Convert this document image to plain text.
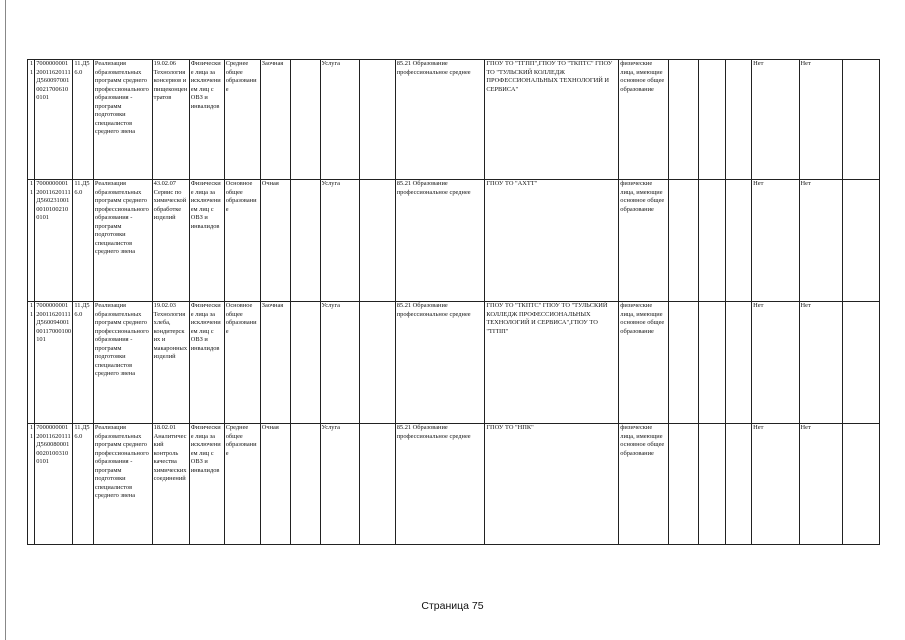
11	700000000120011620111Д56009700100217006100101	11.Д56.0	Реализация образовательных программ среднего профессионального образования - программ подготовки специалистов среднего звена	19.02.06 Технология консервов и пищеконцентратов	Физические лица за исключением лиц с ОВЗ и инвалидов	Среднее общее образование	Заочная		Услуга		85.21 Образование профессиональное среднее	ГПОУ ТО "ТГПП",ГПОУ ТО "ТКПТС" ГПОУ ТО "ТУЛЬСКИЙ КОЛЛЕДЖ ПРОФЕССИОНАЛЬНЫХ ТЕХНОЛОГИЙ И СЕРВИСА"	физические лица, имеющие основное общее образование				Нет	Нет	
11	700000000120011620111Д56023100100101002100101	11.Д56.0	Реализация образовательных программ среднего профессионального образования - программ подготовки специалистов среднего звена	43.02.07 Сервис по химической обработке изделий	Физические лица за исключением лиц с ОВЗ и инвалидов	Основное общее образование	Очная		Услуга		85.21 Образование профессиональное среднее	ГПОУ ТО "АХТТ"	физические лица, имеющие основное общее образование				Нет	Нет	
11	700000000120011620111Д56009400100117000100101	11.Д56.0	Реализация образовательных программ среднего профессионального образования - программ подготовки специалистов среднего звена	19.02.03 Технология хлеба, кондитерских и макаронных изделий	Физические лица за исключением лиц с ОВЗ и инвалидов	Основное общее образование	Заочная		Услуга		85.21 Образование профессиональное среднее	ГПОУ ТО "ТКПТС" ГПОУ ТО "ТУЛЬСКИЙ КОЛЛЕДЖ ПРОФЕССИОНАЛЬНЫХ ТЕХНОЛОГИЙ И СЕРВИСА",ГПОУ ТО "ТГПП"	физические лица, имеющие основное общее образование				Нет	Нет	
11	700000000120011620111Д56008000100201003100101	11.Д56.0	Реализация образовательных программ среднего профессионального образования - программ подготовки специалистов среднего звена	18.02.01 Аналитический контроль качества химических соединений	Физические лица за исключением лиц с ОВЗ и инвалидов	Среднее общее образование	Очная		Услуга		85.21 Образование профессиональное среднее	ГПОУ ТО "НПК"	физические лица, имеющие основное общее образование				Нет	Нет	
Страница 75
